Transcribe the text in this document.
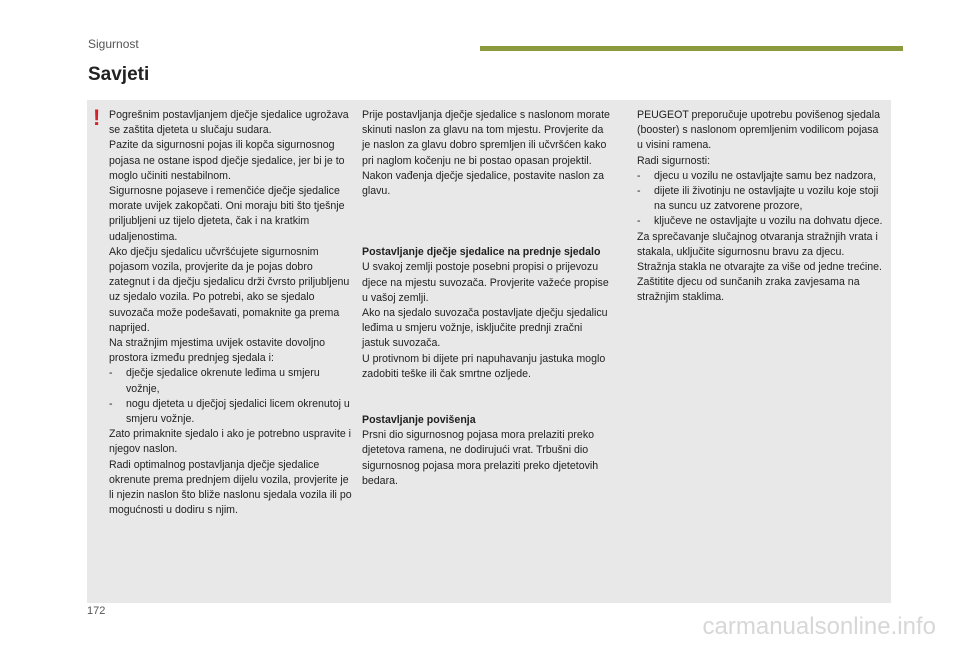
Sigurnost
Savjeti
! Pogrešnim postavljanjem dječje sjedalice ugrožava se zaštita djeteta u slučaju sudara.

Pazite da sigurnosni pojas ili kopča sigurnosnog pojasa ne ostane ispod dječje sjedalice, jer bi je to moglo učiniti nestabilnom.

Sigurnosne pojaseve i remenčiće dječje sjedalice morate uvijek zakopčati. Oni moraju biti što tješnje priljubljeni uz tijelo djeteta, čak i na kratkim udaljenostima.

Ako dječju sjedalicu učvršćujete sigurnosnim pojasom vozila, provjerite da je pojas dobro zategnut i da dječju sjedalicu drži čvrsto priljubljenu uz sjedalo vozila. Po potrebi, ako se sjedalo suvozača može podešavati, pomaknite ga prema naprijed.

Na stražnjim mjestima uvijek ostavite dovoljno prostora između prednjeg sjedala i:

- dječje sjedalice okrenute leđima u smjeru vožnje,

- nogu djeteta u dječjoj sjedalici licem okrenutoj u smjeru vožnje.

Zato primaknite sjedalo i ako je potrebno uspravite i njegov naslon.

Radi optimalnog postavljanja dječje sjedalice okrenute prema prednjem dijelu vozila, provjerite je li njezin naslon što bliže naslonu sjedala vozila ili po mogućnosti u dodiru s njim.

Prije postavljanja dječje sjedalice s naslonom morate skinuti naslon za glavu na tom mjestu. Provjerite da je naslon za glavu dobro spremljen ili učvršćen kako pri naglom kočenju ne bi postao opasan projektil. Nakon vađenja dječje sjedalice, postavite naslon za glavu.

Postavljanje dječje sjedalice na prednje sjedalo

U svakoj zemlji postoje posebni propisi o prijevozu djece na mjestu suvozača. Provjerite važeće propise u vašoj zemlji.

Ako na sjedalo suvozača postavljate dječju sjedalicu leđima u smjeru vožnje, isključite prednji zračni jastuk suvozača.

U protivnom bi dijete pri napuhavanju jastuka moglo zadobiti teške ili čak smrtne ozljede.

Postavljanje povišenja

Prsni dio sigurnosnog pojasa mora prelaziti preko djetetova ramena, ne dodirujući vrat. Trbušni dio sigurnosnog pojasa mora prelaziti preko djetetovih bedara.

PEUGEOT preporučuje upotrebu povišenog sjedala (booster) s naslonom opremljenim vodilicom pojasa u visini ramena.

Radi sigurnosti:

- djecu u vozilu ne ostavljajte samu bez nadzora,

- dijete ili životinju ne ostavljajte u vozilu koje stoji na suncu uz zatvorene prozore,

- ključeve ne ostavljajte u vozilu na dohvatu djece.

Za sprečavanje slučajnog otvaranja stražnjih vrata i stakala, uključite sigurnosnu bravu za djecu.

Stražnja stakla ne otvarajte za više od jedne trećine.

Zaštitite djecu od sunčanih zraka zavjesama na stražnjim staklima.

172
carmanualsonline.info
